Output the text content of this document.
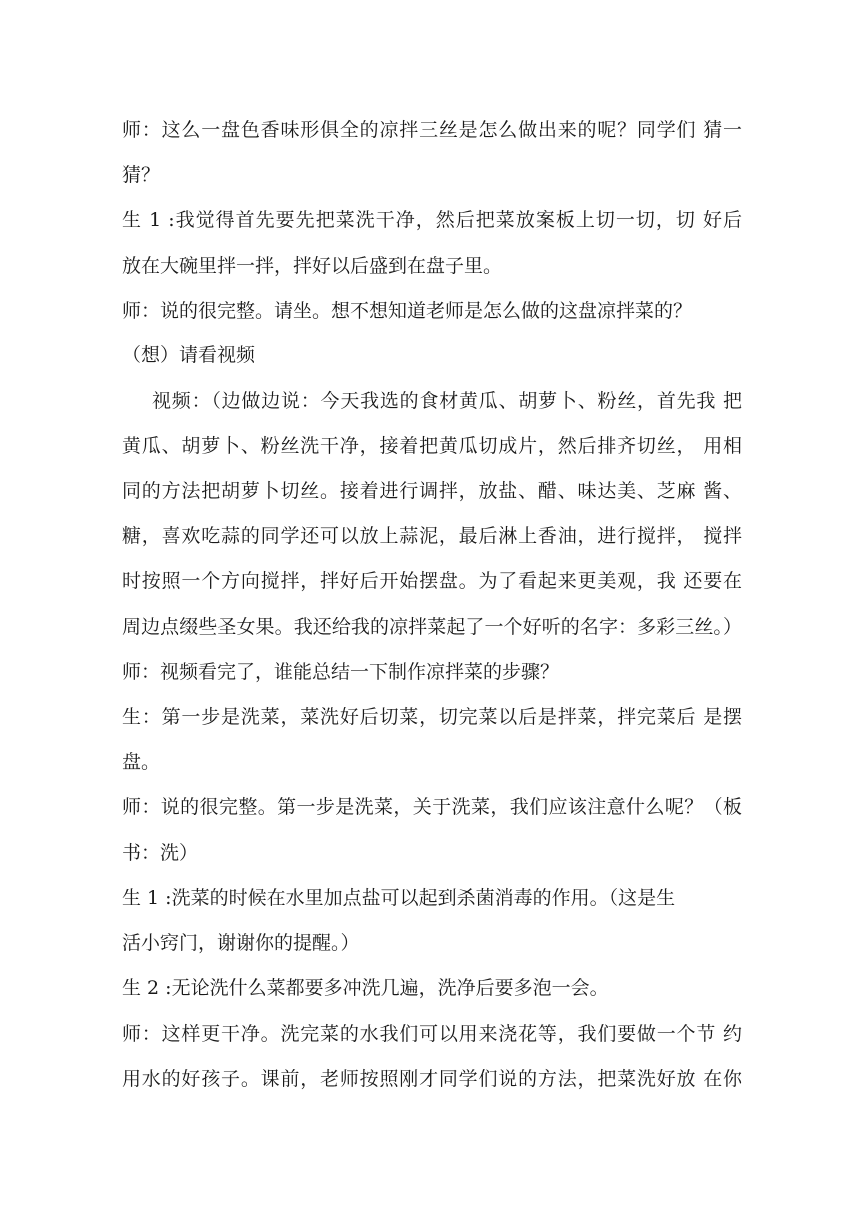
师：这么一盘色香味形俱全的凉拌三丝是怎么做出来的呢？同学们 猜一

猜？

生 1 :我觉得首先要先把菜洗干净，然后把菜放案板上切一切，切 好后

放在大碗里拌一拌，拌好以后盛到在盘子里。

师：说的很完整。请坐。想不想知道老师是怎么做的这盘凉拌菜的？

（想）请看视频

视频：（边做边说：今天我选的食材黄瓜、胡萝卜、粉丝，首先我 把

黄瓜、胡萝卜、粉丝洗干净，接着把黄瓜切成片，然后排齐切丝， 用相

同的方法把胡萝卜切丝。接着进行调拌，放盐、醋、味达美、芝麻 酱、

糖，喜欢吃蒜的同学还可以放上蒜泥，最后淋上香油，进行搅拌， 搅拌

时按照一个方向搅拌，拌好后开始摆盘。为了看起来更美观，我 还要在

周边点缀些圣女果。我还给我的凉拌菜起了一个好听的名字：多彩三丝。）

师：视频看完了，谁能总结一下制作凉拌菜的步骤？

生：第一步是洗菜，菜洗好后切菜，切完菜以后是拌菜，拌完菜后 是摆

盘。

师：说的很完整。第一步是洗菜，关于洗菜，我们应该注意什么呢？（板

书：洗）

生 1 :洗菜的时候在水里加点盐可以起到杀菌消毒的作用。（这是生

活小窍门，谢谢你的提醒。）

生 2 :无论洗什么菜都要多冲洗几遍，洗净后要多泡一会。

师：这样更干净。洗完菜的水我们可以用来浇花等，我们要做一个节 约

用水的好孩子。课前，老师按照刚才同学们说的方法，把菜洗好放 在你
